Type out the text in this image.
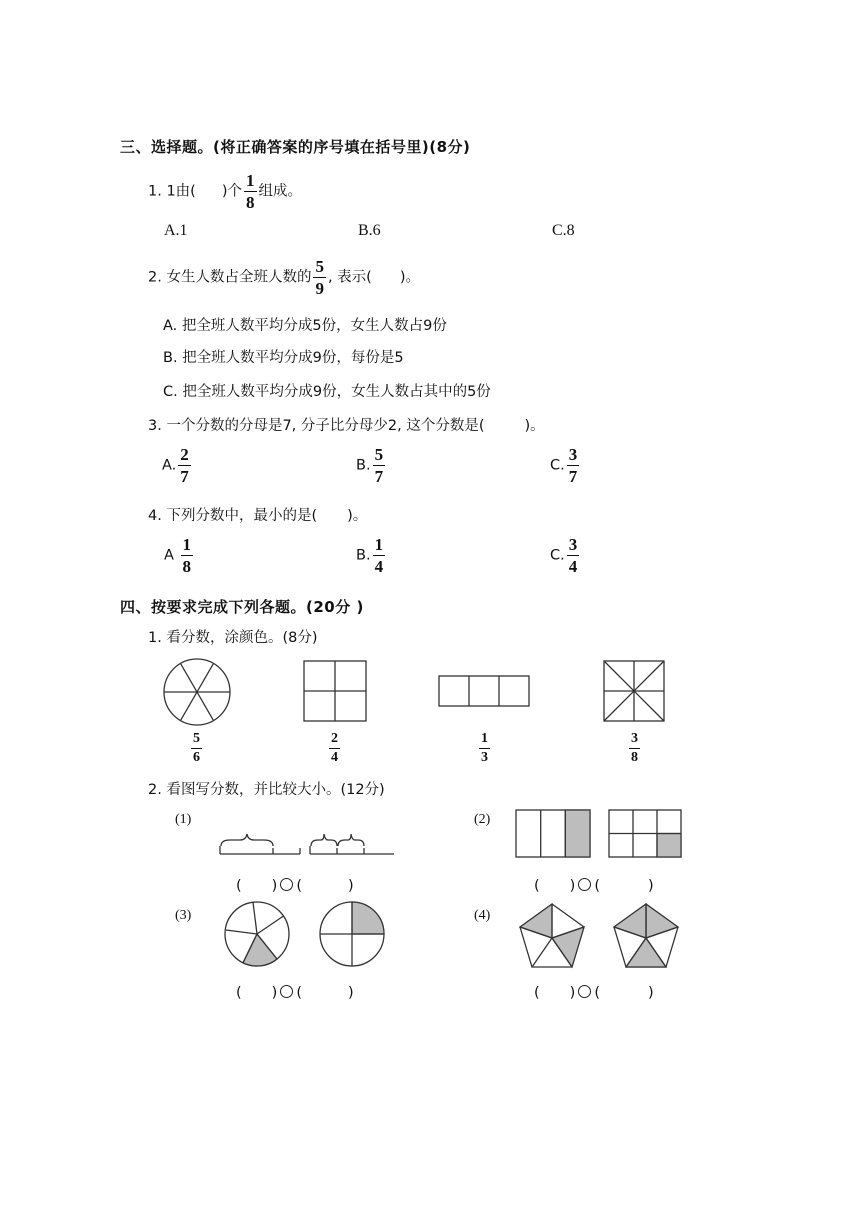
三、选择题。(将正确答案的序号填在括号里)(8分)
1. 1由( )个 $\frac{1}{8}$ 组成。
A.1	B.6	C.8
2. 女生人数占全班人数的 $\frac{5}{9}$ , 表示( )。
A. 把全班人数平均分成5份，女生人数占9份
B. 把全班人数平均分成9份，每份是5
C. 把全班人数平均分成9份，女生人数占其中的5份
3. 一个分数的分母是7, 分子比分母少2, 这个分数是(	)。
A. $\frac{2}{7}$	B. $\frac{5}{7}$	C. $\frac{3}{7}$
4. 下列分数中，最小的是( )。
A $\frac{1}{8}$	B. $\frac{1}{4}$	C. $\frac{3}{4}$
四、按要求完成下列各题。(20分 )
1. 看分数，涂颜色。(8分)
$\frac{5}{6}$	$\frac{2}{4}$	$\frac{1}{3}$	$\frac{3}{8}$
2. 看图写分数，并比较大小。(12分)
(1)	(2)
(3)	(4)
( ) (	)	( ) (	)
( ) (	)	( ) (	)
